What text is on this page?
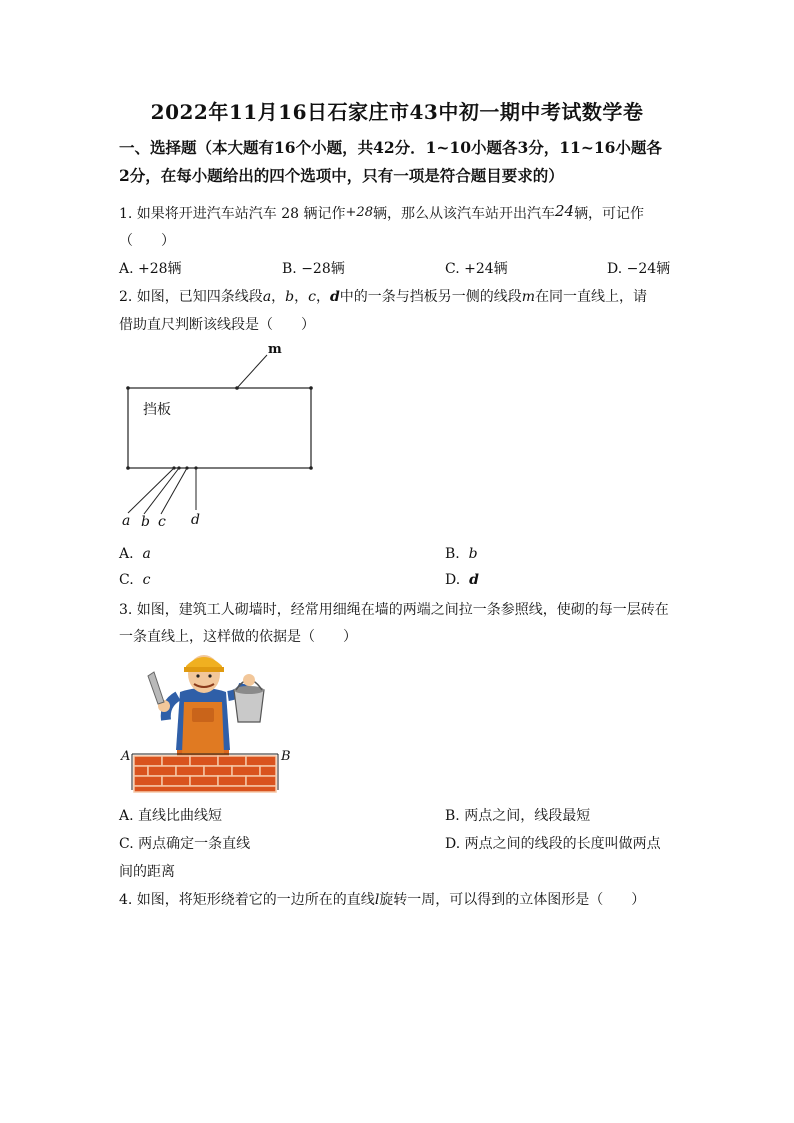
2022年11月16日石家庄市43中初一期中考试数学卷
一、选择题（本大题有16个小题，共42分．1~10小题各3分，11~16小题各
2分，在每小题给出的四个选项中，只有一项是符合题目要求的）
1. 如果将开进汽车站汽车 28 辆记作+28辆，那么从该汽车站开出汽车24辆，可记作
（　　）
A. +28辆	B. −28辆	C. +24辆	D. −24辆
2. 如图，已知四条线段a，b，c，d中的一条与挡板另一侧的线段m在同一直线上，请
借助直尺判断该线段是（　　）
挡板
m
a b c d
A. a	B. b
C. c	D. d
3. 如图，建筑工人砌墙时，经常用细绳在墙的两端之间拉一条参照线，使砌的每一层砖在
一条直线上，这样做的依据是（　　）
A	B
A. 直线比曲线短	B. 两点之间，线段最短
C. 两点确定一条直线	D. 两点之间的线段的长度叫做两点
间的距离
4. 如图，将矩形绕着它的一边所在的直线l旋转一周，可以得到的立体图形是（　　）
